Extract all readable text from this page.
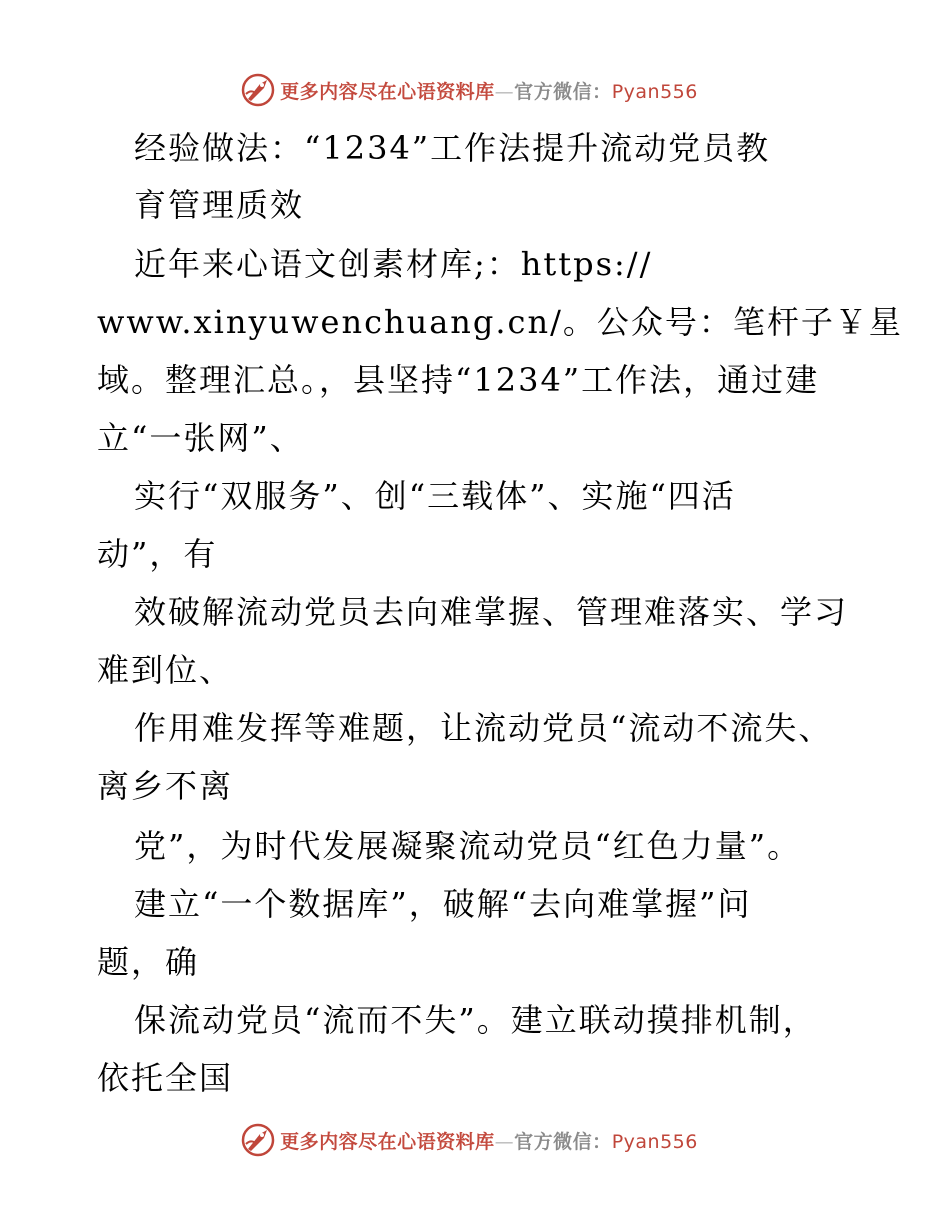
更多内容尽在心语资料库—官方微信：Pyan556
经验做法：“1234”工作法提升流动党员教
育管理质效
近年来心语文创素材库;：https://
www.xinyuwenchuang.cn/。公众号：笔杆子￥星
域。整理汇总。，县坚持“1234”工作法，通过建
立“一张网”、
实行“双服务”、创“三载体”、实施“四活
动”，有
效破解流动党员去向难掌握、管理难落实、学习
难到位、
作用难发挥等难题，让流动党员“流动不流失、
离乡不离
党”，为时代发展凝聚流动党员“红色力量”。
建立“一个数据库”，破解“去向难掌握”问
题，确
保流动党员“流而不失”。建立联动摸排机制，
依托全国
更多内容尽在心语资料库—官方微信：Pyan556
